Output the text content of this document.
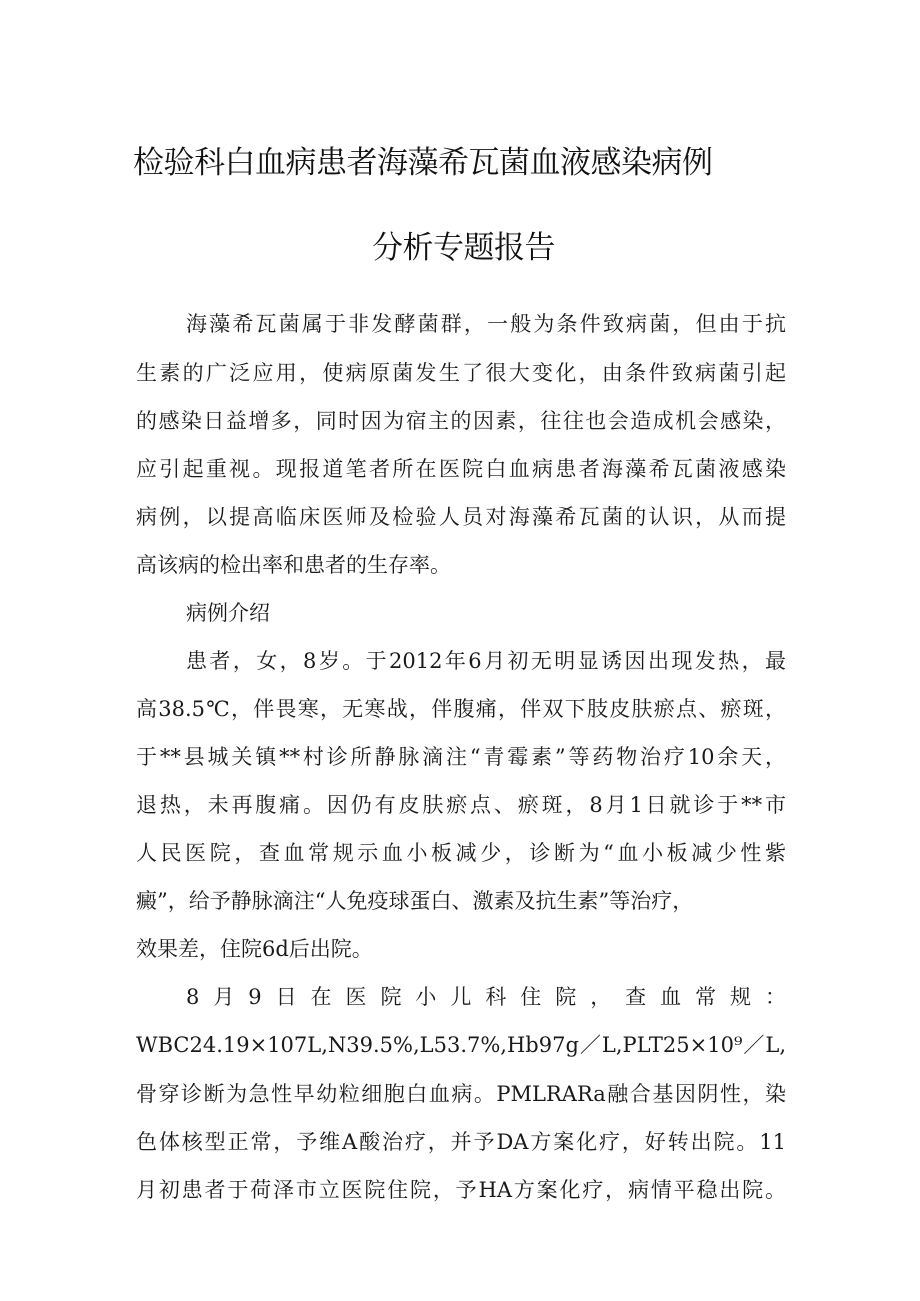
检验科白血病患者海藻希瓦菌血液感染病例
分析专题报告
海藻希瓦菌属于非发酵菌群，一般为条件致病菌，但由于抗
生素的广泛应用，使病原菌发生了很大变化，由条件致病菌引起
的感染日益增多，同时因为宿主的因素，往往也会造成机会感染，
应引起重视。现报道笔者所在医院白血病患者海藻希瓦菌液感染
病例，以提高临床医师及检验人员对海藻希瓦菌的认识，从而提
高该病的检出率和患者的生存率。
病例介绍
患者，女，8岁。于2012年6月初无明显诱因出现发热，最
高38.5℃，伴畏寒，无寒战，伴腹痛，伴双下肢皮肤瘀点、瘀斑，
于**县城关镇**村诊所静脉滴注“青霉素”等药物治疗10余天，
退热，未再腹痛。因仍有皮肤瘀点、瘀斑，8月1日就诊于**市
人民医院，查血常规示血小板减少，诊断为“血小板减少性紫
癜”，给予静脉滴注“人免疫球蛋白、激素及抗生素”等治疗，
效果差，住院6d后出院。
8月9日在医院小儿科住院，查血常规：
WBC24.19×107L,N39.5%,L53.7%,Hb97g／L,PLT25×10⁹／L,
骨穿诊断为急性早幼粒细胞白血病。PMLRARa融合基因阴性，染
色体核型正常，予维A酸治疗，并予DA方案化疗，好转出院。11
月初患者于荷泽市立医院住院，予HA方案化疗，病情平稳出院。
